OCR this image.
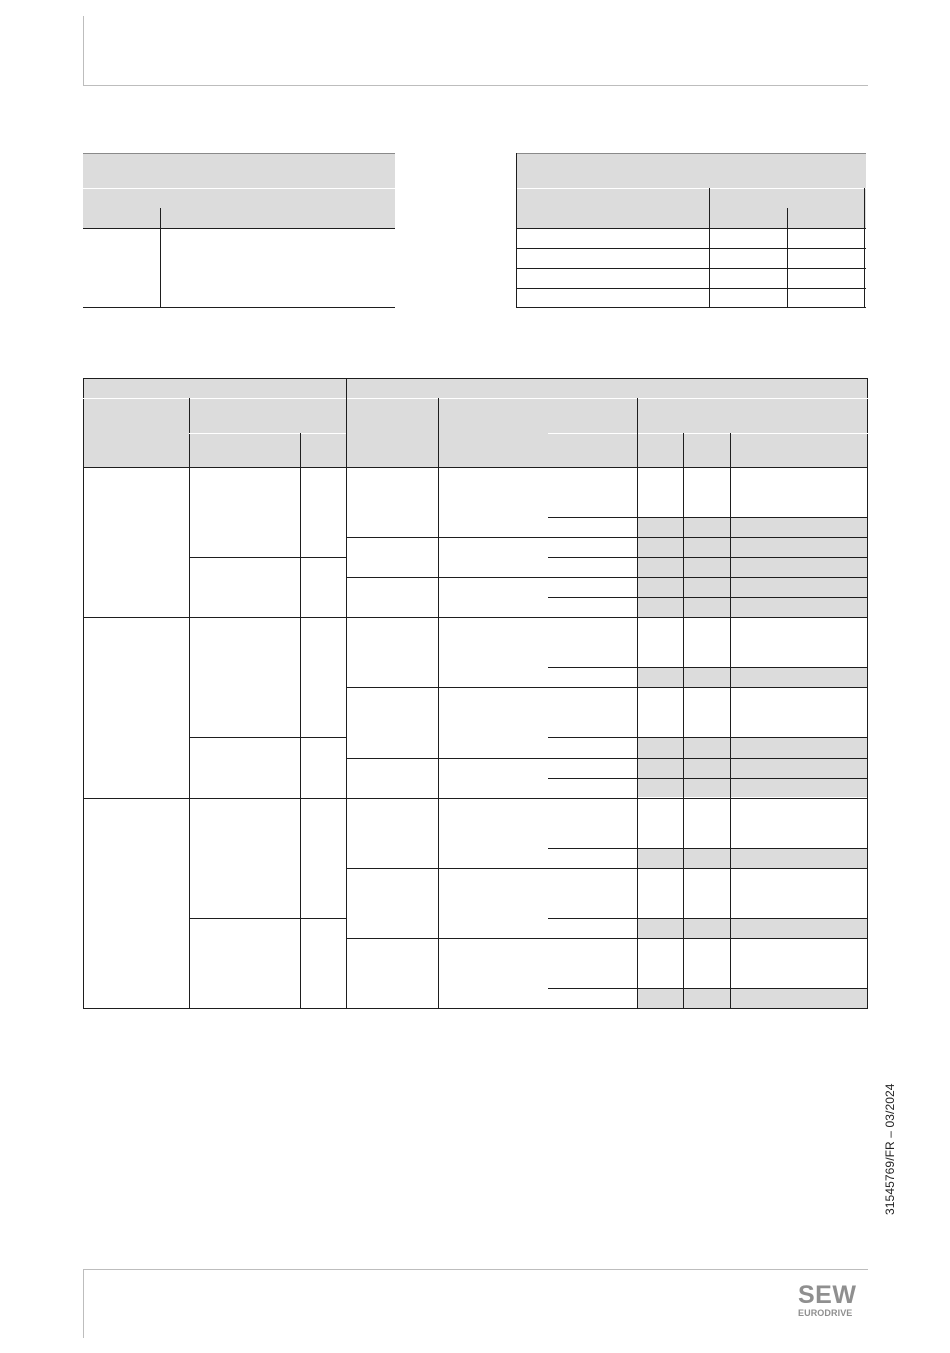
31545769/FR – 03/2024
SEW
EURODRIVE
